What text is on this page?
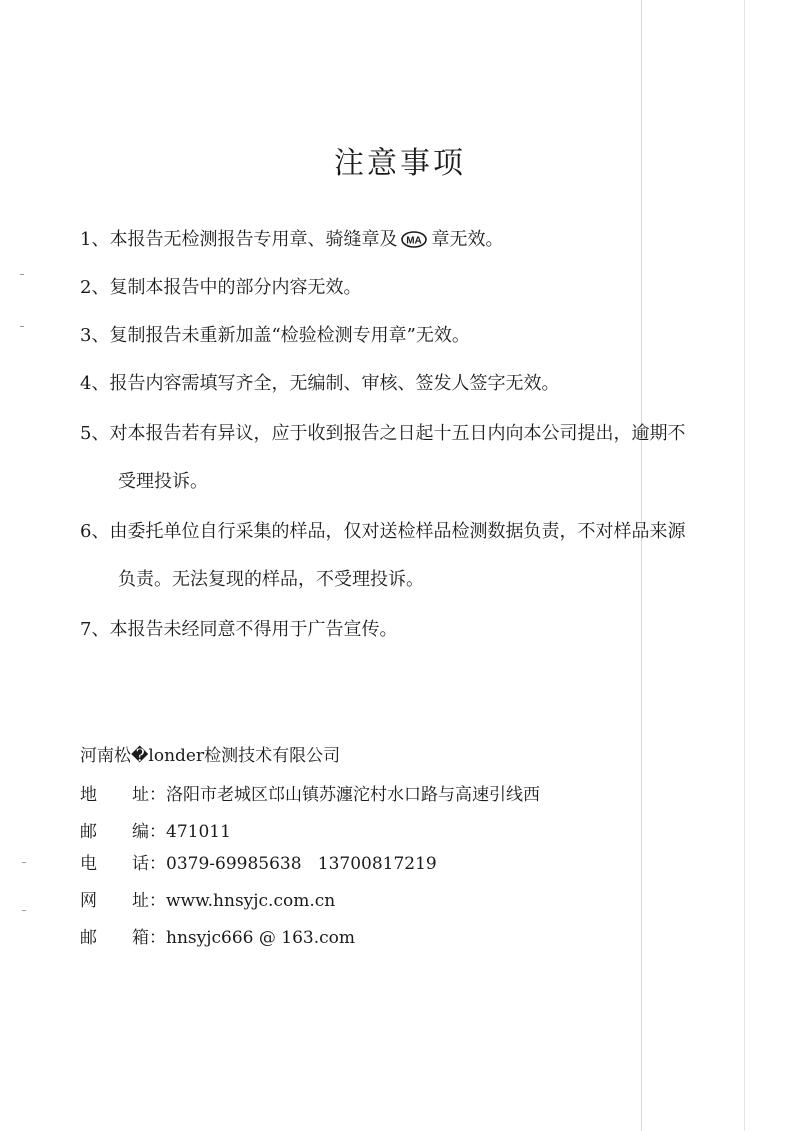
注意事项
1、本报告无检测报告专用章、骑缝章及 MA 章无效。
2、复制本报告中的部分内容无效。
3、复制报告未重新加盖“检验检测专用章”无效。
4、报告内容需填写齐全，无编制、审核、签发人签字无效。
5、对本报告若有异议，应于收到报告之日起十五日内向本公司提出，逾期不
受理投诉。
6、由委托单位自行采集的样品，仅对送检样品检测数据负责，不对样品来源
负责。无法复现的样品，不受理投诉。
7、本报告未经同意不得用于广告宣传。
河南松�londer检测技术有限公司
地 址：洛阳市老城区邙山镇苏瀍沱村水口路与高速引线西
邮 编：471011
电 话：0379-69985638   13700817219
网 址：www.hnsyjc.com.cn
邮 箱：hnsyjc666 @ 163.com
